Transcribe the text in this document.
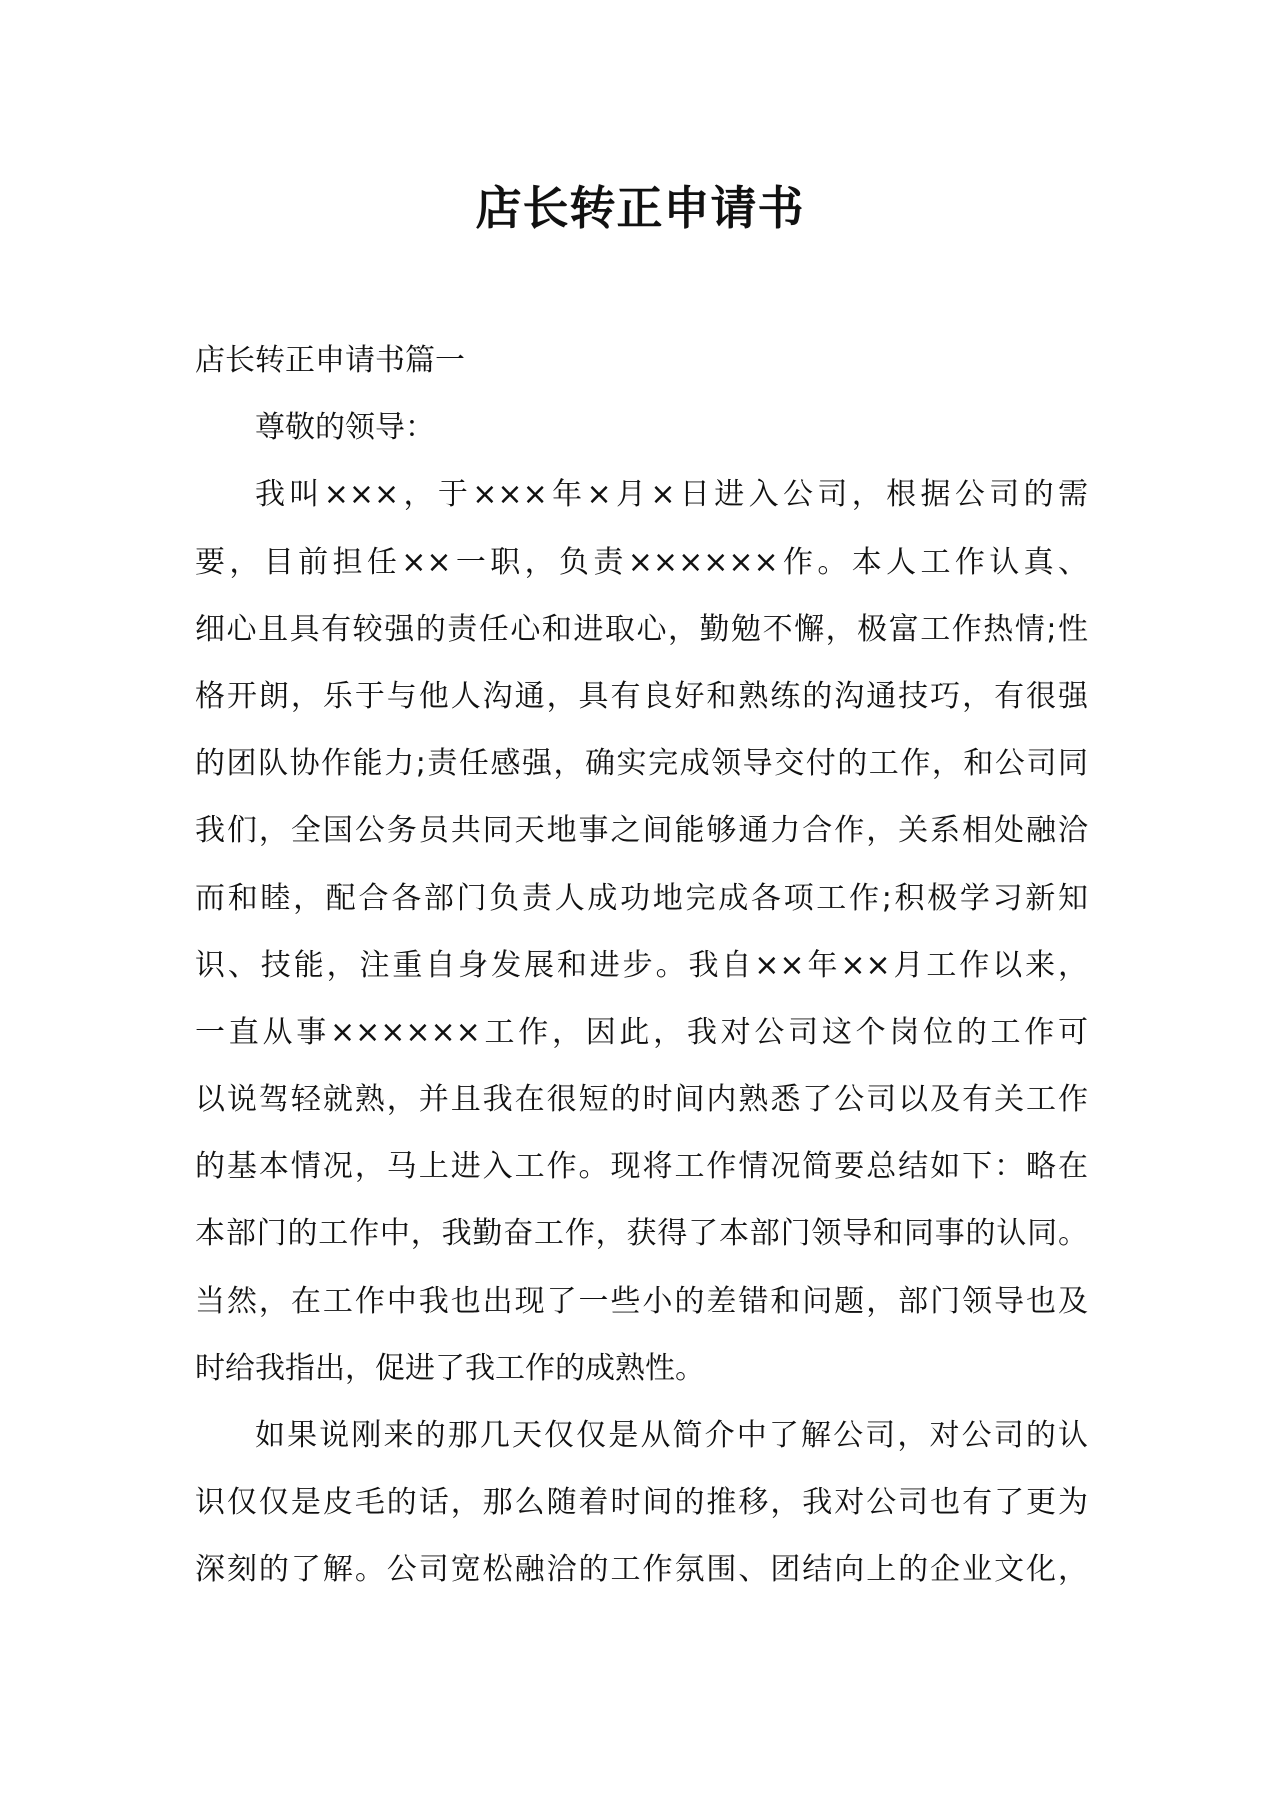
店长转正申请书
店长转正申请书篇一
尊敬的领导：
我叫×××，于×××年×月×日进入公司，根据公司的需
要，目前担任××一职，负责××××××作。本人工作认真、
细心且具有较强的责任心和进取心，勤勉不懈，极富工作热情;性
格开朗，乐于与他人沟通，具有良好和熟练的沟通技巧，有很强
的团队协作能力;责任感强，确实完成领导交付的工作，和公司同
我们，全国公务员共同天地事之间能够通力合作，关系相处融洽
而和睦，配合各部门负责人成功地完成各项工作;积极学习新知
识、技能，注重自身发展和进步。我自××年××月工作以来，
一直从事××××××工作，因此，我对公司这个岗位的工作可
以说驾轻就熟，并且我在很短的时间内熟悉了公司以及有关工作
的基本情况，马上进入工作。现将工作情况简要总结如下：略在
本部门的工作中，我勤奋工作，获得了本部门领导和同事的认同。
当然，在工作中我也出现了一些小的差错和问题，部门领导也及
时给我指出，促进了我工作的成熟性。
如果说刚来的那几天仅仅是从简介中了解公司，对公司的认
识仅仅是皮毛的话，那么随着时间的推移，我对公司也有了更为
深刻的了解。公司宽松融洽的工作氛围、团结向上的企业文化，
